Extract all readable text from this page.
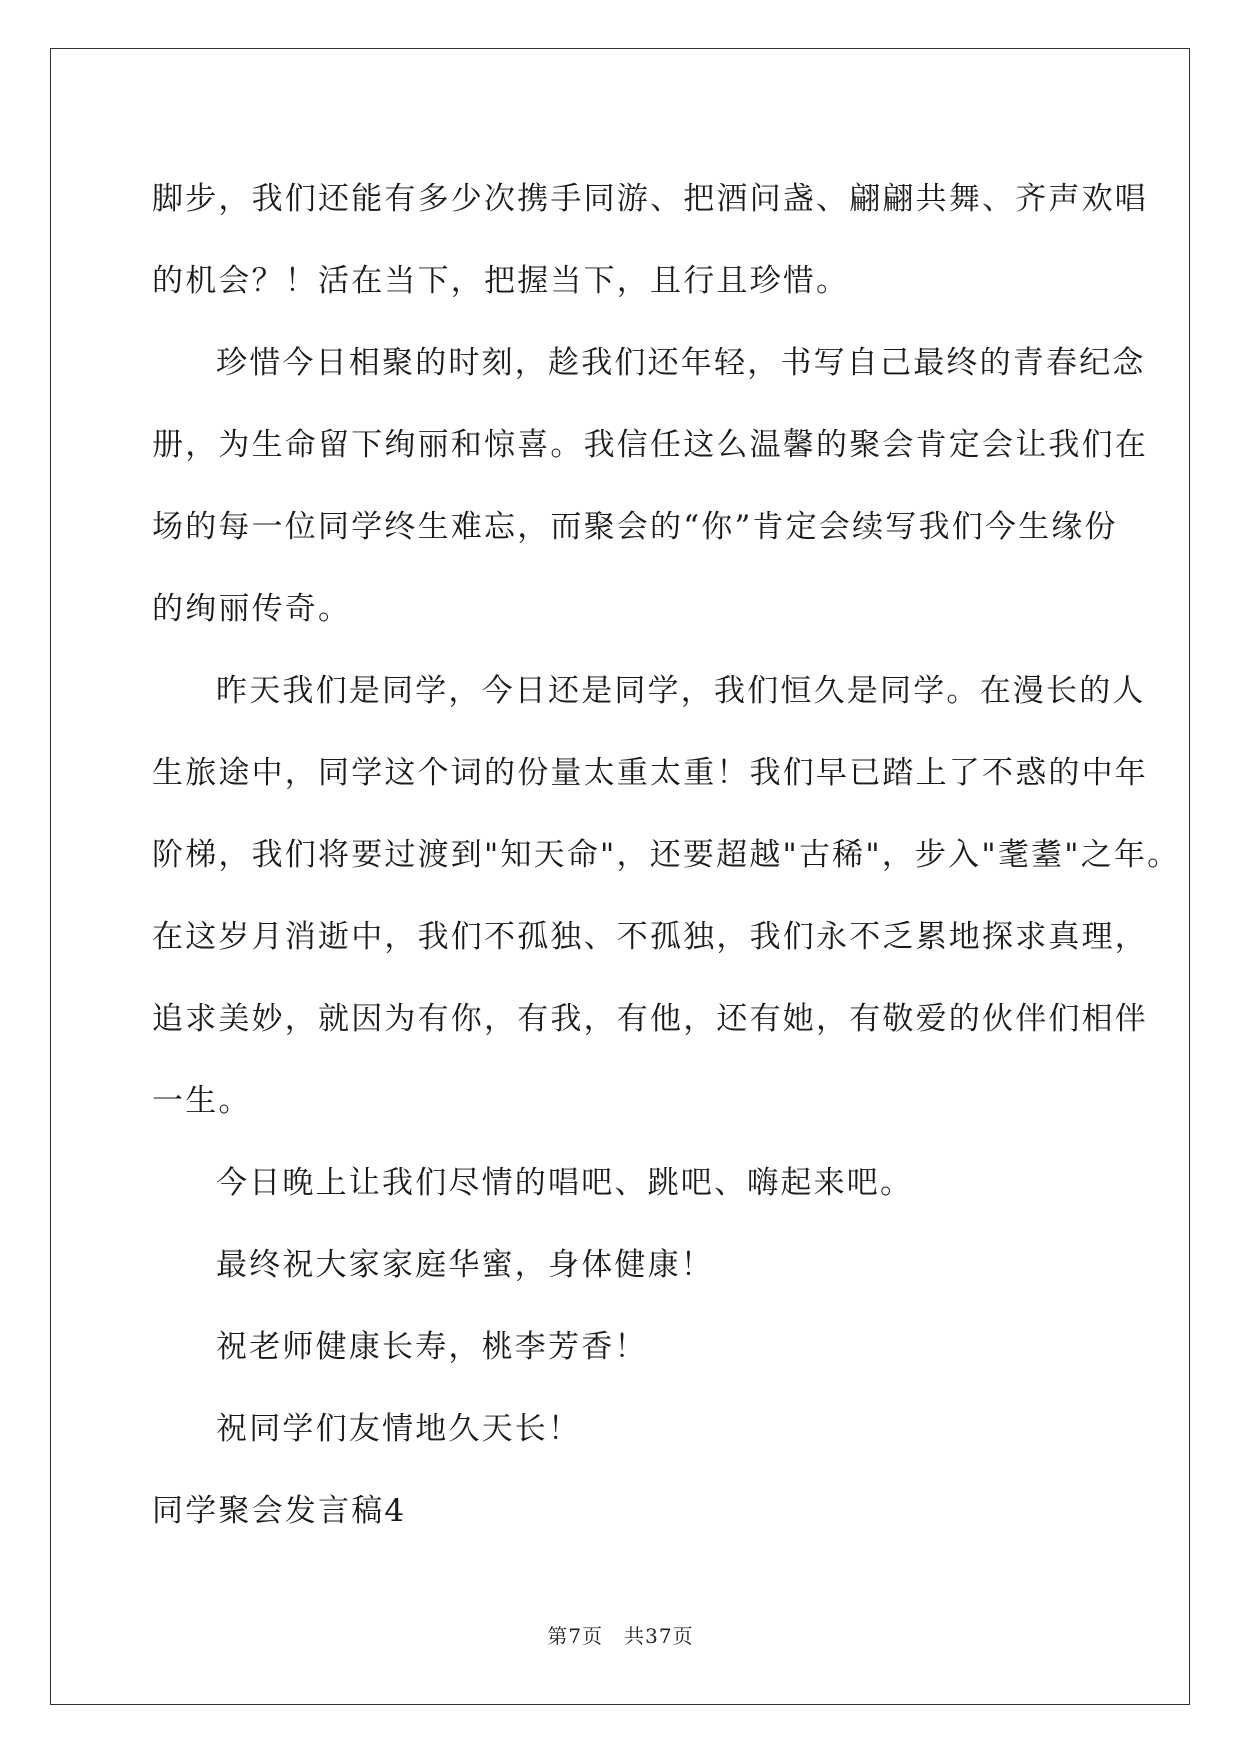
脚步，我们还能有多少次携手同游、把酒问盏、翩翩共舞、齐声欢唱
的机会？！活在当下，把握当下，且行且珍惜。
珍惜今日相聚的时刻，趁我们还年轻，书写自己最终的青春纪念
册，为生命留下绚丽和惊喜。我信任这么温馨的聚会肯定会让我们在
场的每一位同学终生难忘，而聚会的“你”肯定会续写我们今生缘份
的绚丽传奇。
昨天我们是同学，今日还是同学，我们恒久是同学。在漫长的人
生旅途中，同学这个词的份量太重太重！我们早已踏上了不惑的中年
阶梯，我们将要过渡到"知天命"，还要超越"古稀"，步入"耄耋"之年。
在这岁月消逝中，我们不孤独、不孤独，我们永不乏累地探求真理，
追求美妙，就因为有你，有我，有他，还有她，有敬爱的伙伴们相伴
一生。
今日晚上让我们尽情的唱吧、跳吧、嗨起来吧。
最终祝大家家庭华蜜，身体健康！
祝老师健康长寿，桃李芳香！
祝同学们友情地久天长！
同学聚会发言稿4
第7页　共37页
